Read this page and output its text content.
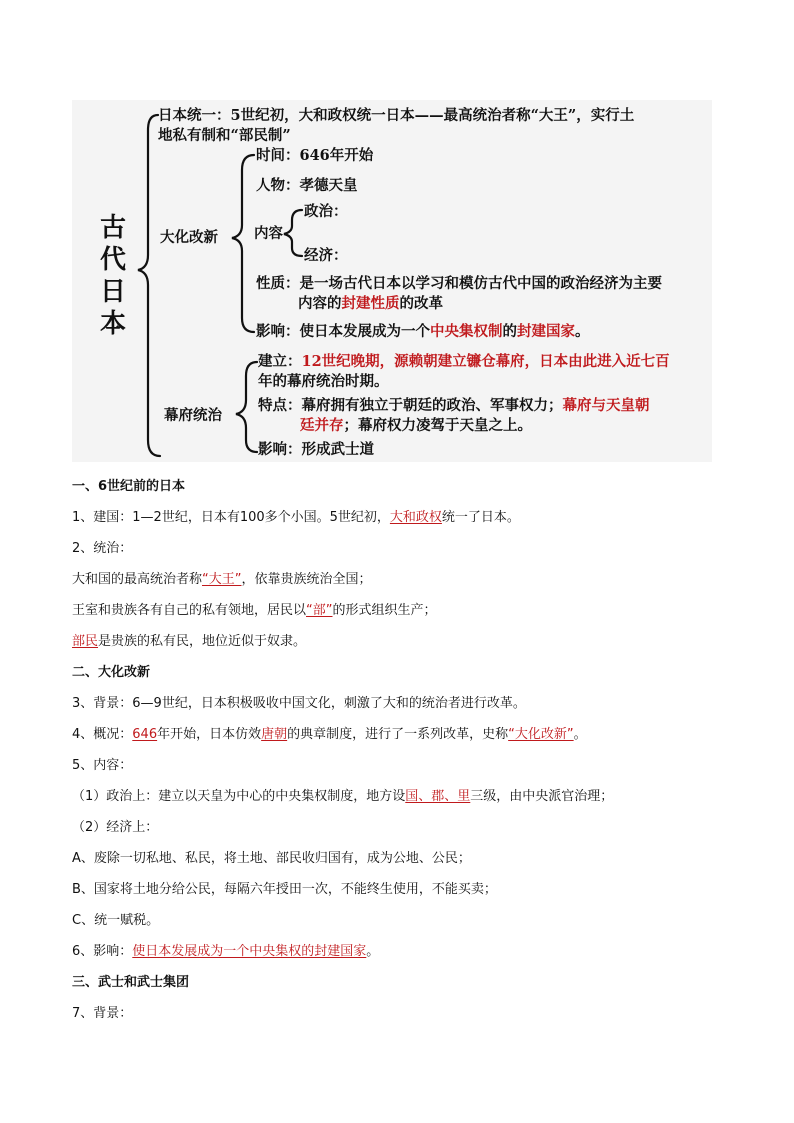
古代日本
日本统一：5世纪初，大和政权统一日本——最高统治者称“大王”，实行土
地私有制和“部民制”
大化改新
时间：646年开始
人物：孝德天皇
内容
政治：
经济：
性质：是一场古代日本以学习和模仿古代中国的政治经济为主要
内容的封建性质的改革
影响：使日本发展成为一个中央集权制的封建国家。
幕府统治
建立：12世纪晚期，源赖朝建立镰仓幕府，日本由此进入近七百
年的幕府统治时期。
特点：幕府拥有独立于朝廷的政治、军事权力；幕府与天皇朝
廷并存；幕府权力凌驾于天皇之上。
影响：形成武士道
一、6世纪前的日本
1、建国：1—2世纪，日本有100多个小国。5世纪初，大和政权统一了日本。
2、统治：
大和国的最高统治者称“大王”，依靠贵族统治全国；
王室和贵族各有自己的私有领地，居民以“部”的形式组织生产；
部民是贵族的私有民，地位近似于奴隶。
二、大化改新
3、背景：6—9世纪，日本积极吸收中国文化，刺激了大和的统治者进行改革。
4、概况：646年开始，日本仿效唐朝的典章制度，进行了一系列改革，史称“大化改新”。
5、内容：
（1）政治上：建立以天皇为中心的中央集权制度，地方设国、郡、里三级，由中央派官治理；
（2）经济上：
A、废除一切私地、私民，将土地、部民收归国有，成为公地、公民；
B、国家将土地分给公民，每隔六年授田一次，不能终生使用，不能买卖；
C、统一赋税。
6、影响：使日本发展成为一个中央集权的封建国家。
三、武士和武士集团
7、背景：
